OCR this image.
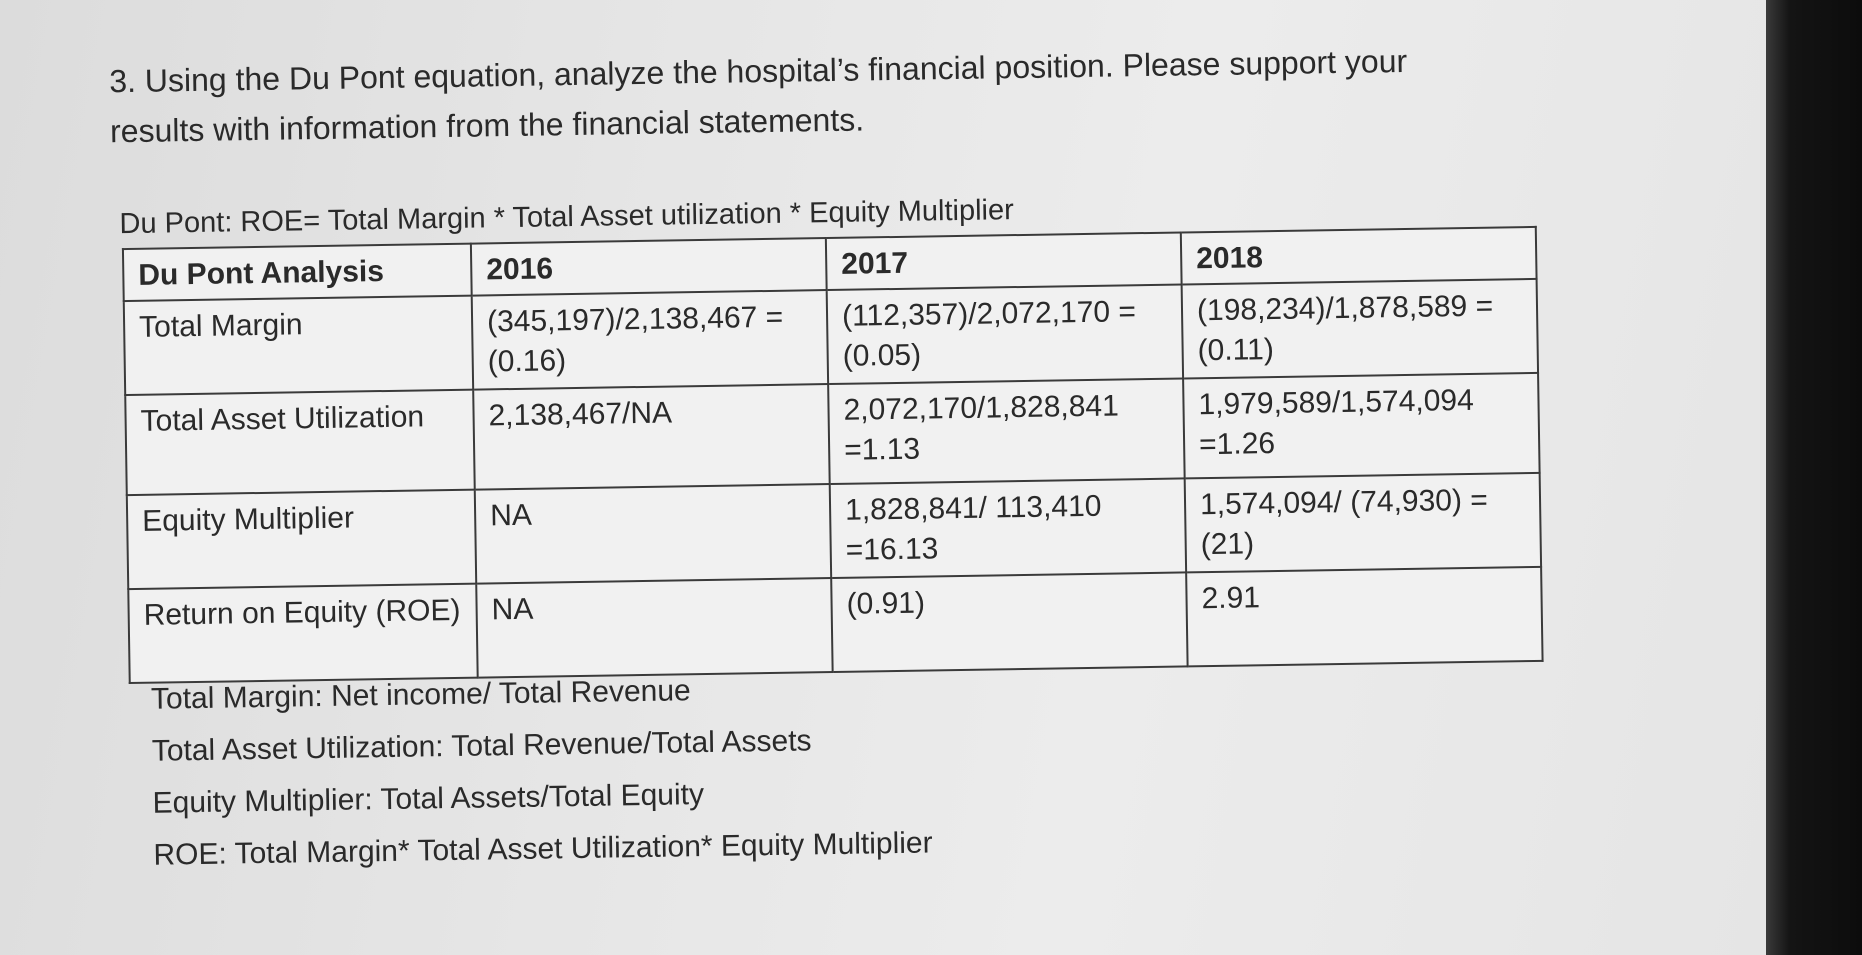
3. Using the Du Pont equation, analyze the hospital’s financial position. Please support your results with information from the financial statements.
Du Pont: ROE= Total Margin * Total Asset utilization * Equity Multiplier
Du Pont Analysis	2016	2017	2018
Total Margin	(345,197)/2,138,467 = (0.16)	(112,357)/2,072,170 = (0.05)	(198,234)/1,878,589 = (0.11)
Total Asset Utilization	2,138,467/NA	2,072,170/1,828,841 =1.13	1,979,589/1,574,094 =1.26
Equity Multiplier	NA	1,828,841/ 113,410 =16.13	1,574,094/ (74,930) = (21)
Return on Equity (ROE)	NA	(0.91)	2.91
Total Margin: Net income/ Total Revenue
Total Asset Utilization: Total Revenue/Total Assets
Equity Multiplier: Total Assets/Total Equity
ROE: Total Margin* Total Asset Utilization* Equity Multiplier
